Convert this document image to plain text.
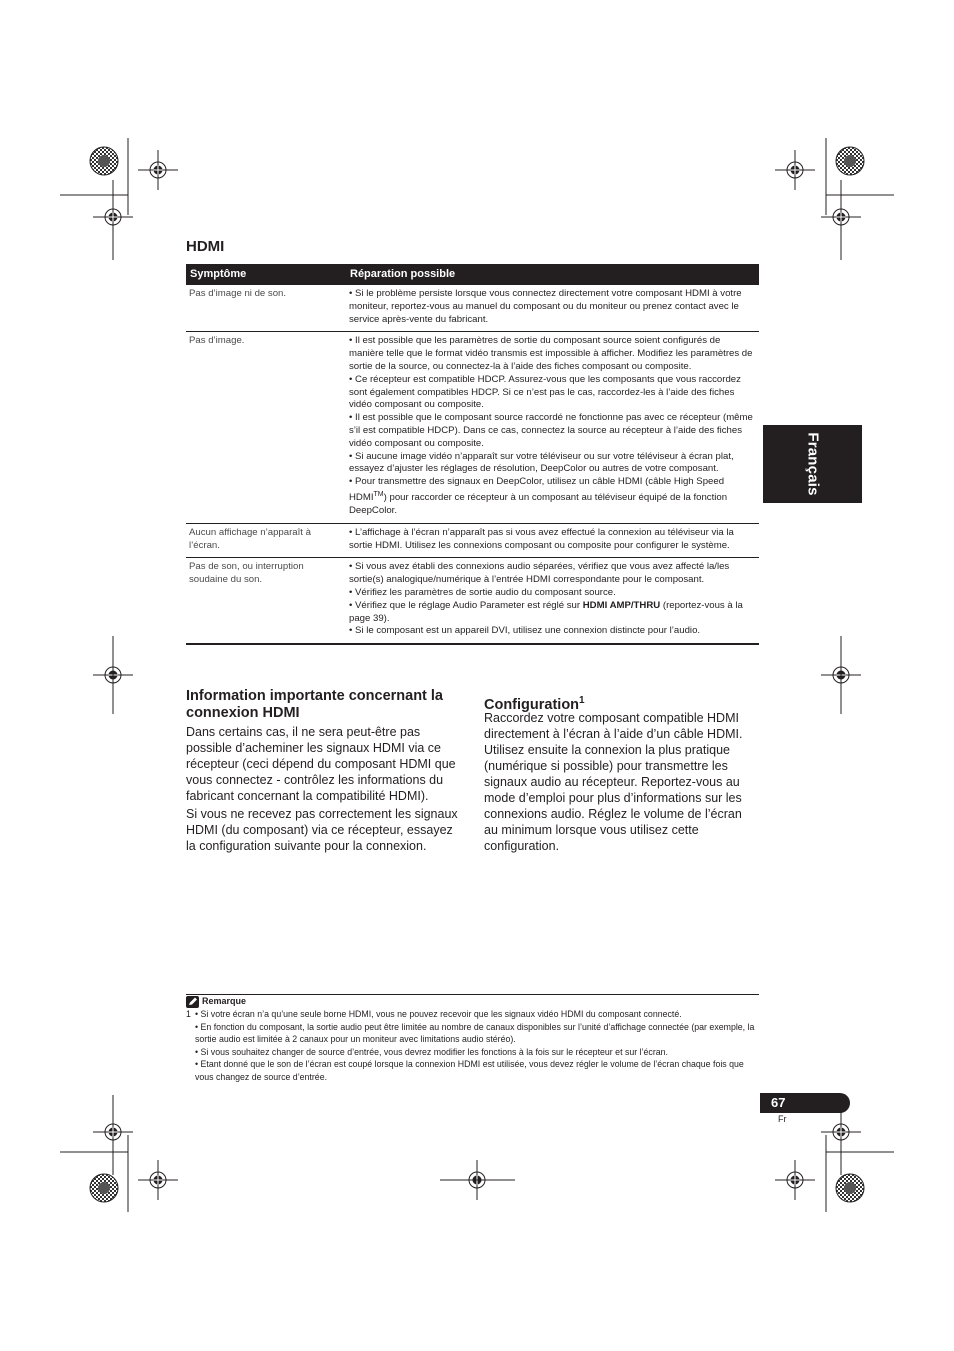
Français
HDMI
Symptôme	Réparation possible
Pas d’image ni de son.	• Si le problème persiste lorsque vous connectez directement votre composant HDMI à votre moniteur, reportez-vous au manuel du composant ou du moniteur ou prenez contact avec le service après-vente du fabricant.

Pas d’image.	• Il est possible que les paramètres de sortie du composant source soient configurés de manière telle que le format vidéo transmis est impossible à afficher. Modifiez les paramètres de sortie de la source, ou connectez-la à l’aide des fiches composant ou composite.

• Ce récepteur est compatible HDCP. Assurez-vous que les composants que vous raccordez sont également compatibles HDCP. Si ce n’est pas le cas, raccordez-les à l’aide des fiches vidéo composant ou composite.

• Il est possible que le composant source raccordé ne fonctionne pas avec ce récepteur (même s’il est compatible HDCP). Dans ce cas, connectez la source au récepteur à l’aide des fiches vidéo composant ou composite.

• Si aucune image vidéo n’apparaît sur votre téléviseur ou sur votre téléviseur à écran plat, essayez d’ajuster les réglages de résolution, DeepColor ou autres de votre composant.

• Pour transmettre des signaux en DeepColor, utilisez un câble HDMI (câble High Speed HDMI™) pour raccorder ce récepteur à un composant au téléviseur équipé de la fonction DeepColor.

Aucun affichage n’apparaît à l’écran.	• L’affichage à l’écran n’apparaît pas si vous avez effectué la connexion au téléviseur via la sortie HDMI. Utilisez les connexions composant ou composite pour configurer le système.

Pas de son, ou interruption soudaine du son.	• Si vous avez établi des connexions audio séparées, vérifiez que vous avez affecté la/les sortie(s) analogique/numérique à l’entrée HDMI correspondante pour le composant.

• Vérifiez les paramètres de sortie audio du composant source.

• Vérifiez que le réglage Audio Parameter est réglé sur HDMI AMP/THRU (reportez-vous à la page 39).

• Si le composant est un appareil DVI, utilisez une connexion distincte pour l’audio.

Information importante concernant la connexion HDMI

Dans certains cas, il ne sera peut-être pas possible d’acheminer les signaux HDMI via ce récepteur (ceci dépend du composant HDMI que vous connectez - contrôlez les informations du fabricant concernant la compatibilité HDMI).

Si vous ne recevez pas correctement les signaux HDMI (du composant) via ce récepteur, essayez la configuration suivante pour la connexion.

Configuration$^1$

Raccordez votre composant compatible HDMI directement à l’écran à l’aide d’un câble HDMI. Utilisez ensuite la connexion la plus pratique (numérique si possible) pour transmettre les signaux audio au récepteur. Reportez-vous au mode d’emploi pour plus d’informations sur les connexions audio. Réglez le volume de l’écran au minimum lorsque vous utilisez cette configuration.

Remarque
1 • Si votre écran n’a qu’une seule borne HDMI, vous ne pouvez recevoir que les signaux vidéo HDMI du composant connecté.
• En fonction du composant, la sortie audio peut être limitée au nombre de canaux disponibles sur l’unité d’affichage connectée (par exemple, la sortie audio est limitée à 2 canaux pour un moniteur avec limitations audio stéréo).
• Si vous souhaitez changer de source d’entrée, vous devrez modifier les fonctions à la fois sur le récepteur et sur l’écran.
• Etant donné que le son de l’écran est coupé lorsque la connexion HDMI est utilisée, vous devez régler le volume de l’écran chaque fois que vous changez de source d’entrée.
67
Fr
